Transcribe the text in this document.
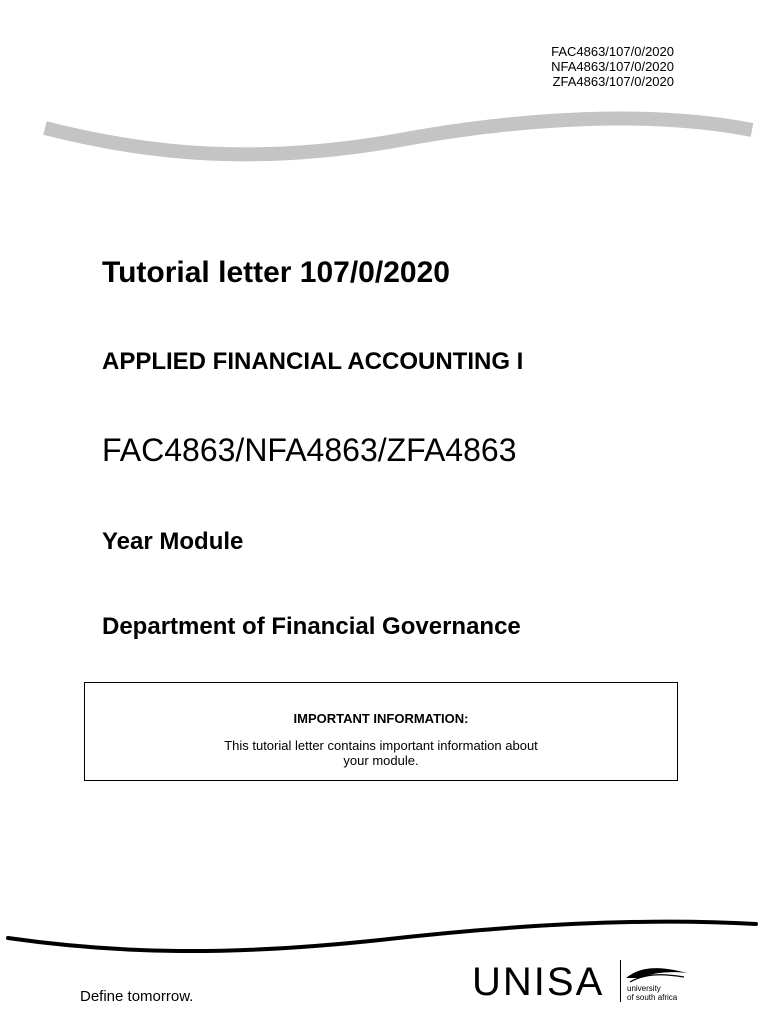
FAC4863/107/0/2020
NFA4863/107/0/2020
ZFA4863/107/0/2020
Tutorial letter 107/0/2020
APPLIED FINANCIAL ACCOUNTING I
FAC4863/NFA4863/ZFA4863
Year Module
Department of Financial Governance
IMPORTANT INFORMATION:
This tutorial letter contains important information about your module.
Define tomorrow.	UNISA	university
of south africa
